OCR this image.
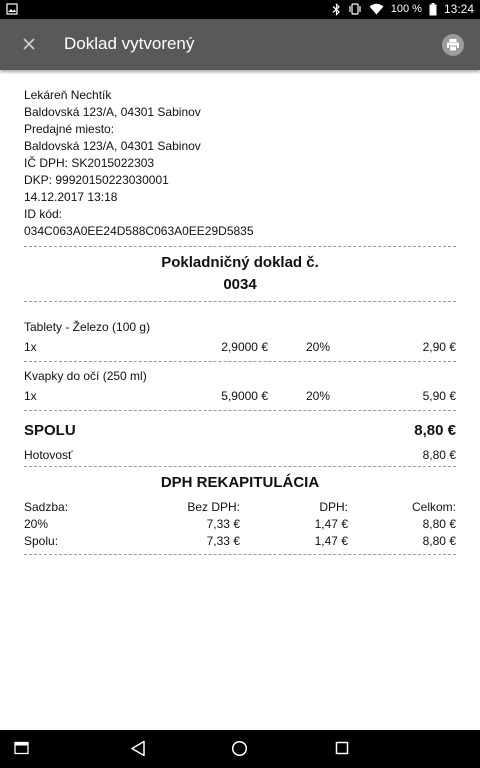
100 % 13:24
Doklad vytvorený
Lekáreň Nechtík
Baldovská 123/A, 04301 Sabinov
Predajné miesto:
Baldovská 123/A, 04301 Sabinov
IČ DPH: SK2015022303
DKP: 99920150223030001
14.12.2017 13:18
ID kód:
034C063A0EE24D588C063A0EE29D5835
Pokladničný doklad č.
0034
Tablety - Železo (100 g)
1x	2,9000 €	20%	2,90 €
Kvapky do očí (250 ml)
1x	5,9000 €	20%	5,90 €
SPOLU	8,80 €
Hotovosť	8,80 €
DPH REKAPITULÁCIA
Sadzba:	Bez DPH:	DPH:	Celkom:
20%	7,33 €	1,47 €	8,80 €
Spolu:	7,33 €	1,47 €	8,80 €
